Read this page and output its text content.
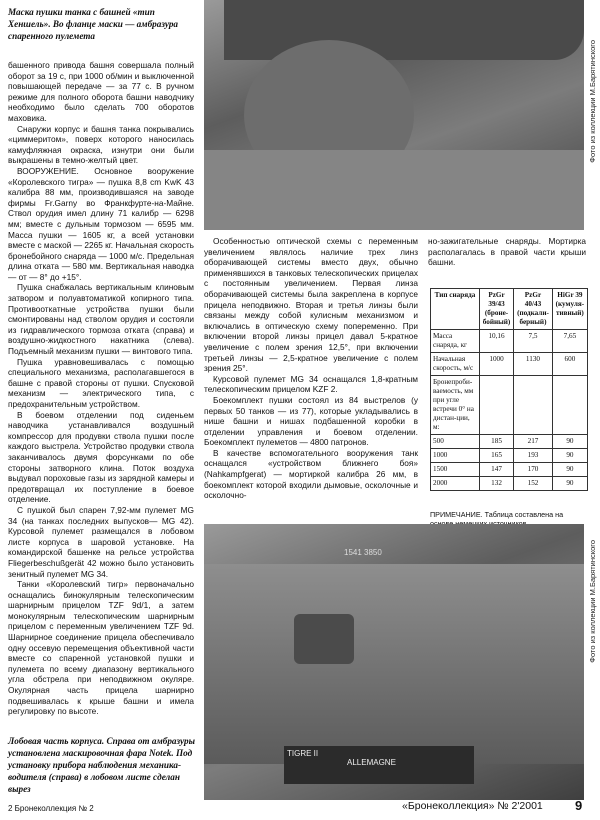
Маска пушки танка с башней «тип Хеншель». Во фланце маски — амбразура спаренного пулемета
Фото из коллекции М.Барятинского

башенного привода башня совершала полный оборот за 19 с, при 1000 об/мин и выключенной повышающей передаче — за 77 с. В ручном режиме для полного оборота башни наводчику необходимо было сделать 700 оборотов маховика.

Снаружи корпус и башня танка покрывались «циммеритом», поверх которого наносилась камуфляжная окраска, изнутри они были выкрашены в темно-желтый цвет.

ВООРУЖЕНИЕ. Основное вооружение «Королевского тигра» — пушка 8,8 cm KwK 43 калибра 88 мм, производившаяся на заводе фирмы Fr.Garny во Франкфурте-на-Майне. Ствол орудия имел длину 71 калибр — 6298 мм; вместе с дульным тормозом — 6595 мм. Масса пушки — 1605 кг, а всей установки вместе с маской — 2265 кг. Начальная скорость бронебойного снаряда — 1000 м/с. Предельная длина отката — 580 мм. Вертикальная наводка — от — 8° до +15°.

Пушка снабжалась вертикальным клиновым затвором и полуавтоматикой копирного типа. Противооткатные устройства пушки были смонтированы над стволом орудия и состояли из гидравлического тормоза отката (справа) и воздушно-жидкостного накатника (слева). Подъемный механизм пушки — винтового типа.

Пушка уравновешивалась с помощью специального механизма, располагавшегося в башне с правой стороны от пушки. Спусковой механизм — электрического типа, с предохранительным устройством.

В боевом отделении под сиденьем наводчика устанавливался воздушный компрессор для продувки ствола пушки после каждого выстрела. Устройство продувки ствола заканчивалось двумя форсунками по обе стороны затворного клина. Поток воздуха выдувал пороховые газы из зарядной камеры и предотвращал их поступление в боевое отделение.

С пушкой был спарен 7,92-мм пулемет MG 34 (на танках последних выпусков— MG 42). Курсовой пулемет размещался в лобовом листе корпуса в шаровой установке. На командирской башенке на рельсе устройства Fliegerbeschußgerät 42 можно было установить зенитный пулемет MG 34.

Танки «Королевский тигр» первоначально оснащались бинокулярным телескопическим шарнирным прицелом TZF 9d/1, а затем монокулярным телескопическим шарнирным прицелом с переменным увеличением TZF 9d. Шарнирное соединение прицела обеспечивало одну оссевую перемещения объективной части вместе со спаренной установкой пушки и пулемета по всему диапазону вертикального угла обстрела при неподвижном окуляре. Окулярная часть прицела шарнирно подвешивалась к крыше башни и имела регулировку по высоте.

Особенностью оптической схемы с переменным увеличением являлось наличие трех линз оборачивающей системы вместо двух, обычно применявшихся в танковых телескопических прицелах с постоянным увеличением. Первая линза оборачивающей системы была закреплена в корпусе прицела неподвижно. Вторая и третья линзы были связаны между собой кулисным механизмом и включались в оптическую схему попеременно. При включении второй линзы прицел давал 5-кратное увеличение с полем зрения 12,5°, при включении третьей линзы — 2,5-кратное увеличение с полем зрения 25°.

Курсовой пулемет MG 34 оснащался 1,8-кратным телескопическим прицелом KZF 2.

Боекомплект пушки состоял из 84 выстрелов (у первых 50 танков — из 77), которые укладывались в нише башни и нишах подбашенной коробки в отделении управления и боевом отделении. Боекомплект пулеметов — 4800 патронов.

В качестве вспомогательного вооружения танк оснащался «устройством ближнего боя» (Nahkampfgerat) — мортиркой калибра 26 мм, в боекомплект которой входили дымовые, осколочные и осколочно-

но-зажигательные снаряды. Мортирка располагалась в правой части крыши башни.

Тип снаряда	PzGr 39/43 (броне-бойный)	PzGr 40/43 (подкали-берный)	HiGr 39 (кумуля-тивный)
Масса снаряда, кг	10,16	7,5	7,65
Начальная скорость, м/с	1000	1130	600
Бронепроби-ваемость, мм при угле встречи 0° на дистан-ции, м:			
500	185	217	90
1000	165	193	90
1500	147	170	90
2000	132	152	90
ПРИМЕЧАНИЕ. Таблица составлена на
1541 3850
TIGRE II
ALLEMAGNE
Фото из коллекции М.Барятинского
Лобовая часть корпуса. Справа от амбразуры установлена маскировочная фара Notek. Под установку прибора наблюдения механика-водителя (справа) в лобовом листе сделан вырез
2 Бронеколлекция № 2	«Бронеколлекция» № 2'2001 9
